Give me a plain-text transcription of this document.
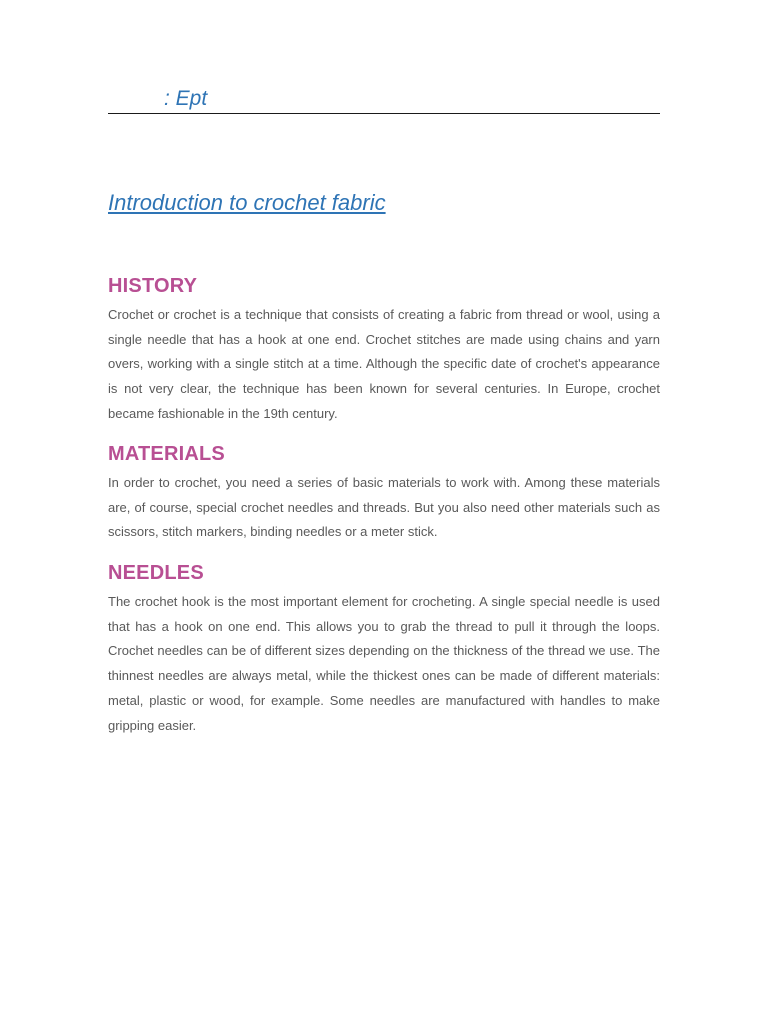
: Ept
Introduction to crochet fabric
HISTORY

Crochet or crochet is a technique that consists of creating a fabric from thread or wool, using a single needle that has a hook at one end. Crochet stitches are made using chains and yarn overs, working with a single stitch at a time. Although the specific date of crochet's appearance is not very clear, the technique has been known for several centuries. In Europe, crochet became fashionable in the 19th century.

MATERIALS

In order to crochet, you need a series of basic materials to work with. Among these materials are, of course, special crochet needles and threads. But you also need other materials such as scissors, stitch markers, binding needles or a meter stick.

NEEDLES

The crochet hook is the most important element for crocheting. A single special needle is used that has a hook on one end. This allows you to grab the thread to pull it through the loops. Crochet needles can be of different sizes depending on the thickness of the thread we use. The thinnest needles are always metal, while the thickest ones can be made of different materials: metal, plastic or wood, for example. Some needles are manufactured with handles to make gripping easier.
